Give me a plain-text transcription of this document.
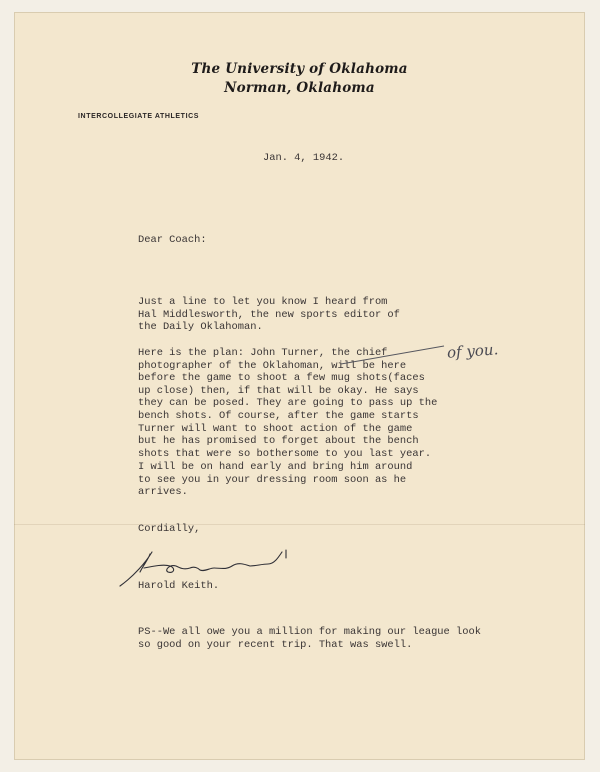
The University of Oklahoma
Norman, Oklahoma
INTERCOLLEGIATE ATHLETICS
Jan. 4, 1942.
Dear Coach:
Just a line to let you know I heard from
Hal Middlesworth, the new sports editor of
the Daily Oklahoman.
Here is the plan: John Turner, the chief
photographer of the Oklahoman, will be here
before the game to shoot a few mug shots(faces
up close) then, if that will be okay. He says
they can be posed. They are going to pass up the
bench shots. Of course, after the game starts
Turner will want to shoot action of the game
but he has promised to forget about the bench
shots that were so bothersome to you last year.
I will be on hand early and bring him around
to see you in your dressing room soon as he
arrives.
Cordially,
of you.
Harold Keith.
PS--We all owe you a million for making our league look
so good on your recent trip. That was swell.
